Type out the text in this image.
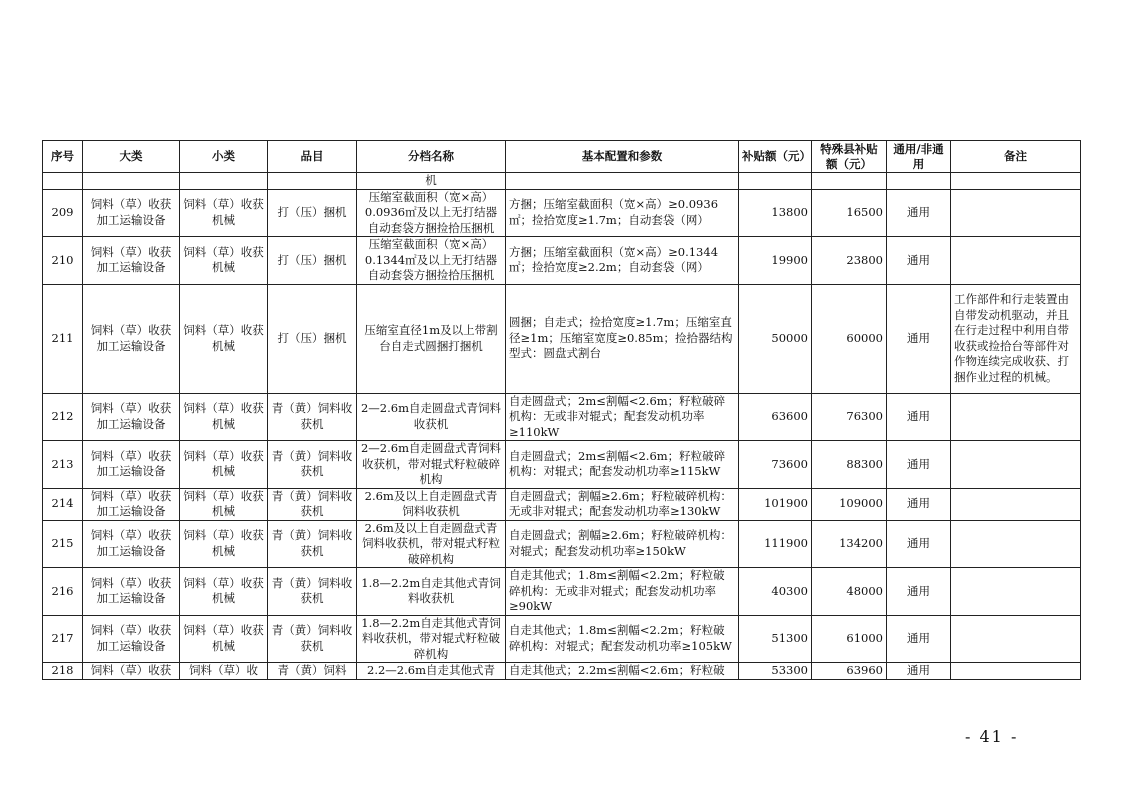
序号	大类	小类	品目	分档名称	基本配置和参数	补贴额（元）	特殊县补贴额（元）	通用/非通用	备注
				机					
209	饲料（草）收获加工运输设备	饲料（草）收获机械	打（压）捆机	压缩室截面积（宽×高）0.0936㎡及以上无打结器自动套袋方捆捡拾压捆机	方捆；压缩室截面积（宽×高）≥0.0936㎡；捡拾宽度≥1.7m；自动套袋（网）	13800	16500	通用	
210	饲料（草）收获加工运输设备	饲料（草）收获机械	打（压）捆机	压缩室截面积（宽×高）0.1344㎡及以上无打结器自动套袋方捆捡拾压捆机	方捆；压缩室截面积（宽×高）≥0.1344㎡；捡拾宽度≥2.2m；自动套袋（网）	19900	23800	通用	
211	饲料（草）收获加工运输设备	饲料（草）收获机械	打（压）捆机	压缩室直径1m及以上带割台自走式圆捆打捆机	圆捆；自走式；捡拾宽度≥1.7m；压缩室直径≥1m；压缩室宽度≥0.85m；捡拾器结构型式：圆盘式割台	50000	60000	通用	工作部件和行走装置由自带发动机驱动，并且在行走过程中利用自带收获或捡拾台等部件对作物连续完成收获、打捆作业过程的机械。
212	饲料（草）收获加工运输设备	饲料（草）收获机械	青（黄）饲料收获机	2—2.6m自走圆盘式青饲料收获机	自走圆盘式；2m≤割幅<2.6m；籽粒破碎机构：无或非对辊式；配套发动机功率≥110kW	63600	76300	通用	
213	饲料（草）收获加工运输设备	饲料（草）收获机械	青（黄）饲料收获机	2—2.6m自走圆盘式青饲料收获机，带对辊式籽粒破碎机构	自走圆盘式；2m≤割幅<2.6m；籽粒破碎机构：对辊式；配套发动机功率≥115kW	73600	88300	通用	
214	饲料（草）收获加工运输设备	饲料（草）收获机械	青（黄）饲料收获机	2.6m及以上自走圆盘式青饲料收获机	自走圆盘式；割幅≥2.6m；籽粒破碎机构：无或非对辊式；配套发动机功率≥130kW	101900	109000	通用	
215	饲料（草）收获加工运输设备	饲料（草）收获机械	青（黄）饲料收获机	2.6m及以上自走圆盘式青饲料收获机，带对辊式籽粒破碎机构	自走圆盘式；割幅≥2.6m；籽粒破碎机构：对辊式；配套发动机功率≥150kW	111900	134200	通用	
216	饲料（草）收获加工运输设备	饲料（草）收获机械	青（黄）饲料收获机	1.8—2.2m自走其他式青饲料收获机	自走其他式；1.8m≤割幅<2.2m；籽粒破碎机构：无或非对辊式；配套发动机功率≥90kW	40300	48000	通用	
217	饲料（草）收获加工运输设备	饲料（草）收获机械	青（黄）饲料收获机	1.8—2.2m自走其他式青饲料收获机，带对辊式籽粒破碎机构	自走其他式；1.8m≤割幅<2.2m；籽粒破碎机构：对辊式；配套发动机功率≥105kW	51300	61000	通用	
218	饲料（草）收获	饲料（草）收	青（黄）饲料	2.2—2.6m自走其他式青	自走其他式；2.2m≤割幅<2.6m；籽粒破	53300	63960	通用	
- 41 -
